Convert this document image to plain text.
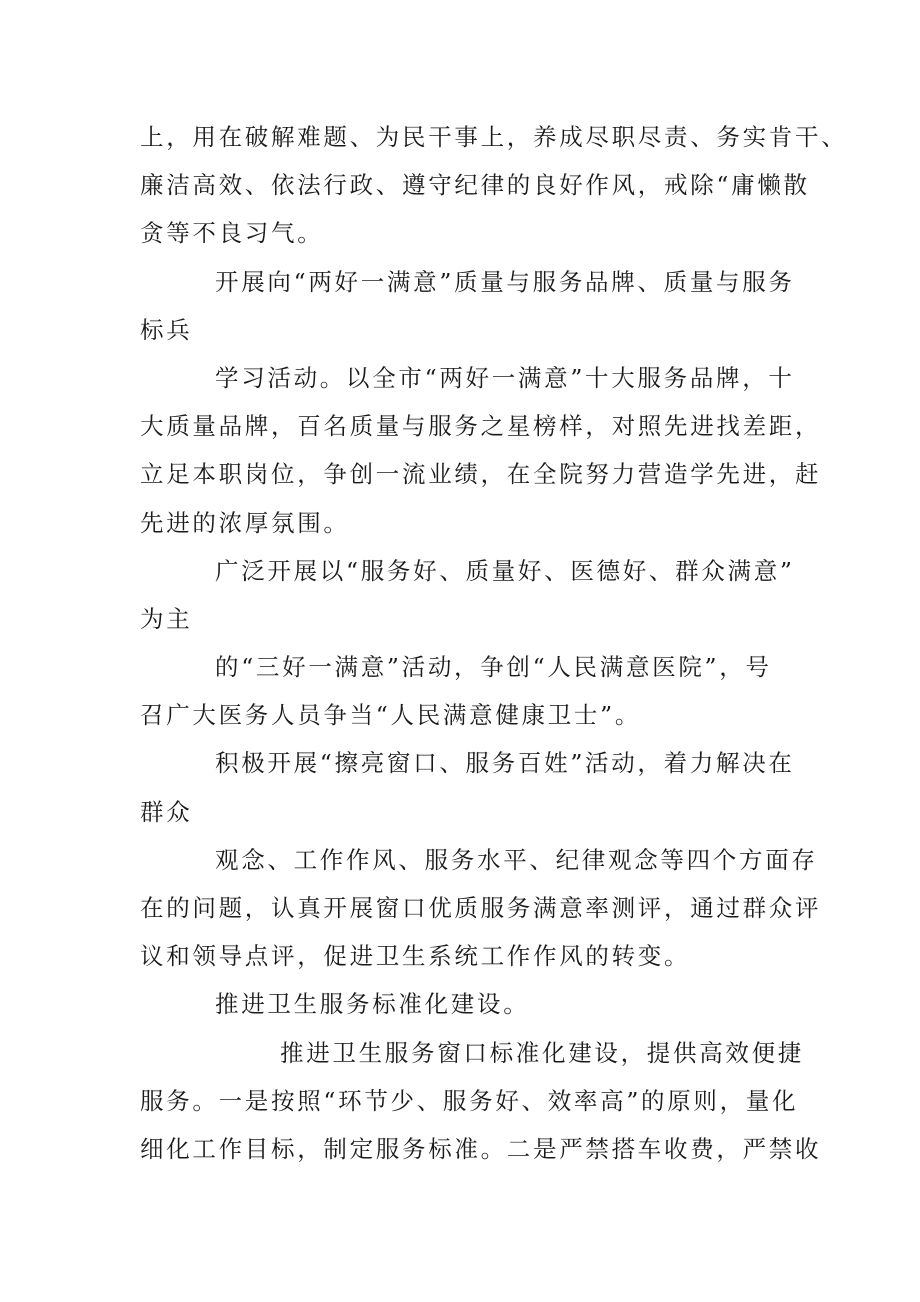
上，用在破解难题、为民干事上，养成尽职尽责、务实肯干、
廉洁高效、依法行政、遵守纪律的良好作风，戒除“庸懒散
贪等不良习气。
开展向“两好一满意”质量与服务品牌、质量与服务
标兵
学习活动。以全市“两好一满意”十大服务品牌，十
大质量品牌，百名质量与服务之星榜样，对照先进找差距，
立足本职岗位，争创一流业绩，在全院努力营造学先进，赶
先进的浓厚氛围。
广泛开展以“服务好、质量好、医德好、群众满意”
为主
的“三好一满意”活动，争创“人民满意医院”，号
召广大医务人员争当“人民满意健康卫士”。
积极开展“擦亮窗口、服务百姓”活动，着力解决在
群众
观念、工作作风、服务水平、纪律观念等四个方面存
在的问题，认真开展窗口优质服务满意率测评，通过群众评
议和领导点评，促进卫生系统工作作风的转变。
推进卫生服务标准化建设。
推进卫生服务窗口标准化建设，提供高效便捷
服务。一是按照“环节少、服务好、效率高”的原则，量化
细化工作目标，制定服务标准。二是严禁搭车收费，严禁收
